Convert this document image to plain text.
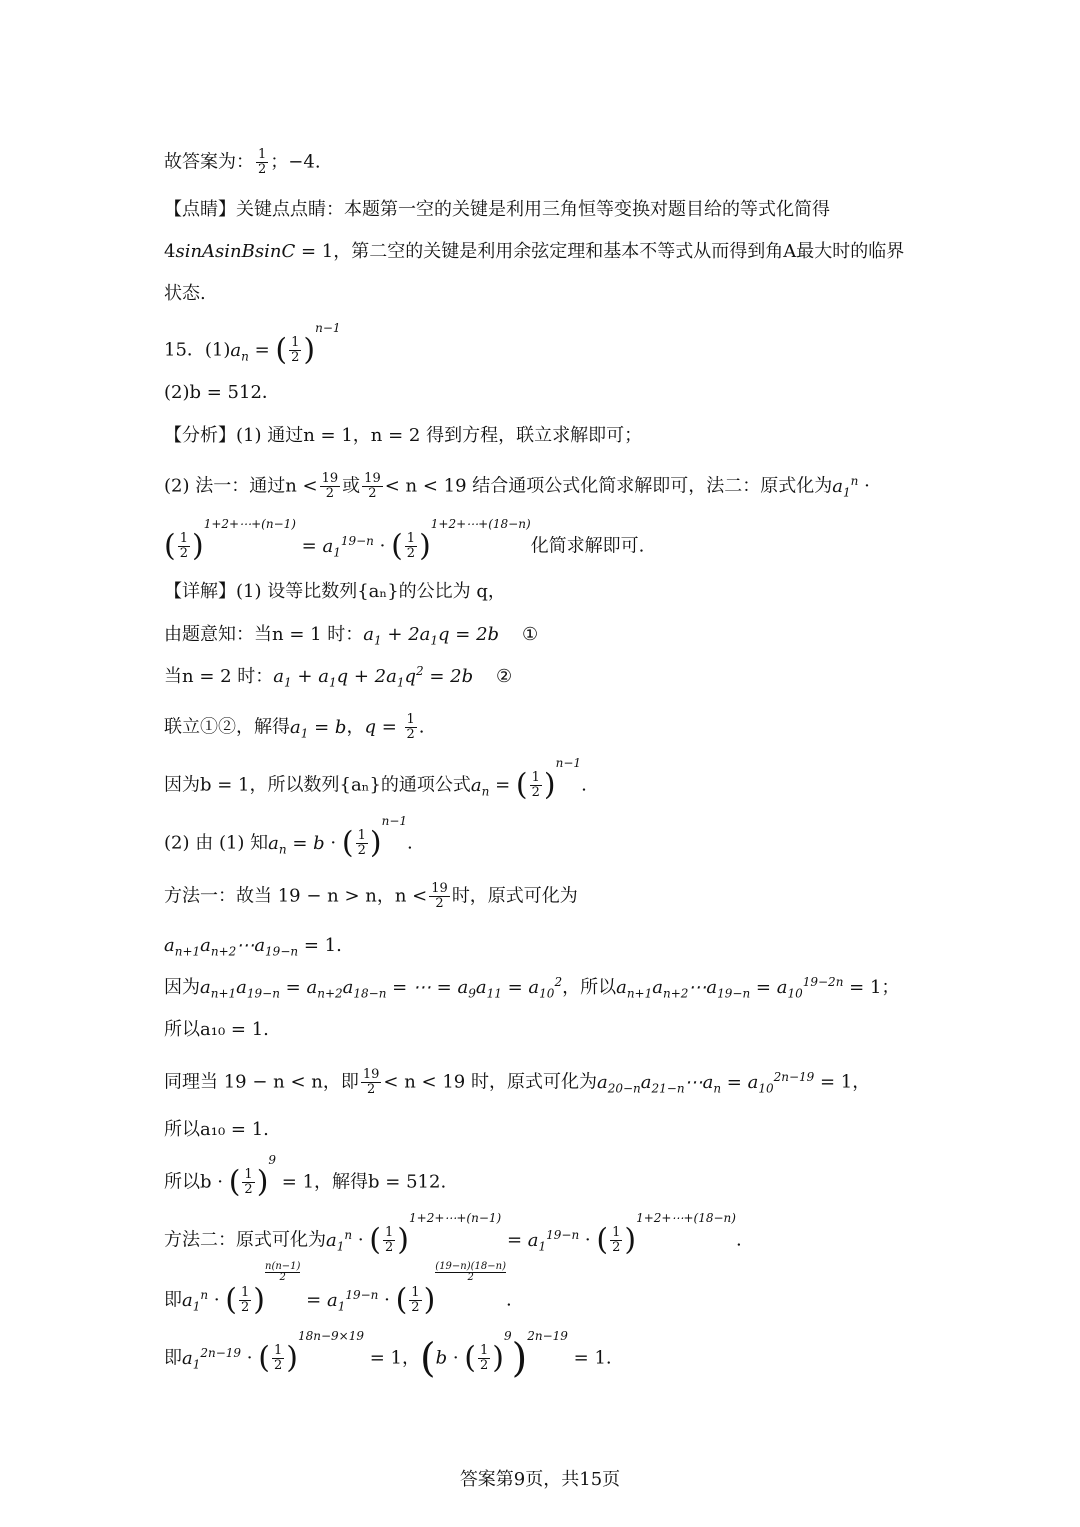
故答案为： $\frac{1}{2}$ ；−4.
【点睛】关键点点睛：本题第一空的关键是利用三角恒等变换对题目给的等式化简得
4sinAsinBsinC = 1，第二空的关键是利用余弦定理和基本不等式从而得到角A最大时的临界
状态.
15．$(1)a_n$ = ( $\frac{1}{2} )n-1$
(2)b = 512．
【分析】(1) 通过n = 1，n = 2 得到方程，联立求解即可；
(2) 法一：通过$n < \frac{19}{2}$ 或 $\frac{19}{2} < n < 19$ 结合通项公式化简求解即可，法二：原式化为$a_1^n$ ·
( $\frac{1}{2}$ )1+2+⋯+(n−1) = $a_1^{19-n}$ · ( $\frac{1}{2}$ )1+2+⋯+(18−n)化简求解即可.
【详解】(1) 设等比数列{aₙ}的公比为 q，
由题意知：当n = 1 时：$a_1 + 2a_1q = 2b$    ①
当n = 2 时：$a_1 + a_1q + 2a_1q^2 = 2b$    ②
联立①②，解得$a_1 = b$，$q = \frac{1}{2}$ .
因为b = 1，所以数列{aₙ}的通项公式$a_n$ = ( $\frac{1}{2} )n-1$.
(2) 由 (1) 知$a_n = b$ · ( $\frac{1}{2} )n-1$.
方法一：故当 19 − n > n，$n < \frac{19}{2}$ 时，原式可化为
$a_{n+1}a_{n+2}\cdots a_{19-n} = 1$.
因为$a_{n+1}a_{19-n} = a_{n+2}a_{18-n}$ = ⋯ = $a_9a_{11} = a_{10}^2$，所以$a_{n+1}a_{n+2}\cdots a_{19-n} = a_{10}^{19-2n} = 1$；
所以a₁₀ = 1.
同理当 19 − n < n，即 $\frac{19}{2} < n < 19$ 时，原式可化为$a_{20-n}a_{21-n}\cdots a_n = a_{10}^{2n-19} = 1$，
所以a₁₀ = 1.
所以b · ( $\frac{1}{2} )9 = 1$，解得b = 512.
方法二：原式可化为$a_1^n$ · ( $\frac{1}{2}$ )1+2+⋯+(n−1) = $a_1^{19-n}$ · ( $\frac{1}{2}$ )1+2+⋯+(18−n).
即$a_1^n$ · ( $\frac{1}{2}$ )
$\frac{n(n-1)}{2} = a_1^{19-n}$ · ( $\frac{1}{2}$ )
$\frac{(19-n)(18-n)}{2}$.
即$a_1^{2n-19}$ · ( $\frac{1}{2} )18n-9\times 19 = 1$，(b · ( $\frac{1}{2} )9)2n-19 = 1$.
答案第9页，共15页
